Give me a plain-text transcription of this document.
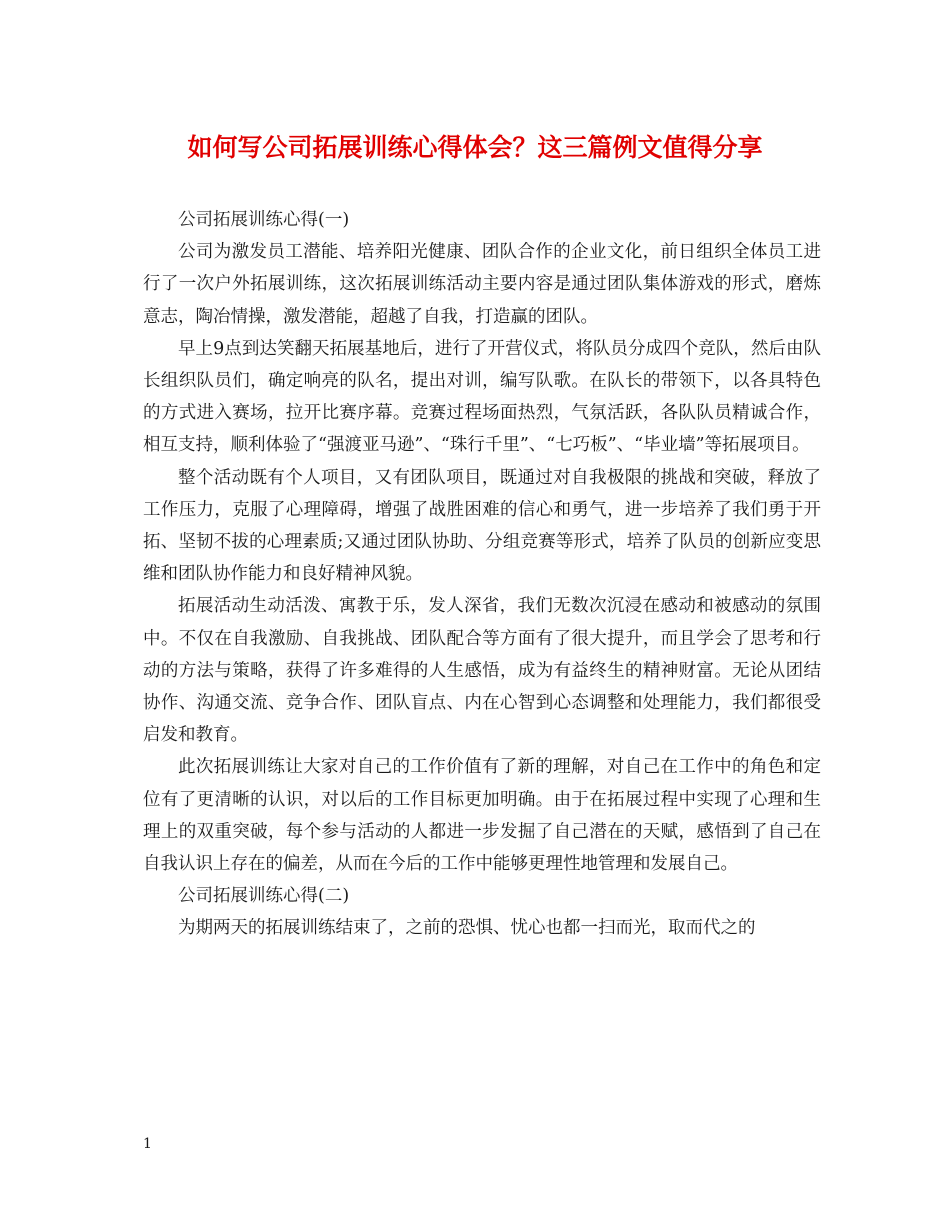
如何写公司拓展训练心得体会？这三篇例文值得分享

公司拓展训练心得(一)

公司为激发员工潜能、培养阳光健康、团队合作的企业文化，前日组织全体员工进行了一次户外拓展训练，这次拓展训练活动主要内容是通过团队集体游戏的形式，磨炼意志，陶冶情操，激发潜能，超越了自我，打造赢的团队。

早上9点到达笑翻天拓展基地后，进行了开营仪式，将队员分成四个竞队，然后由队长组织队员们，确定响亮的队名，提出对训，编写队歌。在队长的带领下，以各具特色的方式进入赛场，拉开比赛序幕。竞赛过程场面热烈，气氛活跃，各队队员精诚合作，相互支持，顺利体验了“强渡亚马逊”、“珠行千里”、“七巧板”、“毕业墙”等拓展项目。

整个活动既有个人项目，又有团队项目，既通过对自我极限的挑战和突破，释放了工作压力，克服了心理障碍，增强了战胜困难的信心和勇气，进一步培养了我们勇于开拓、坚韧不拔的心理素质;又通过团队协助、分组竞赛等形式，培养了队员的创新应变思维和团队协作能力和良好精神风貌。

拓展活动生动活泼、寓教于乐，发人深省，我们无数次沉浸在感动和被感动的氛围中。不仅在自我激励、自我挑战、团队配合等方面有了很大提升，而且学会了思考和行动的方法与策略，获得了许多难得的人生感悟，成为有益终生的精神财富。无论从团结协作、沟通交流、竞争合作、团队盲点、内在心智到心态调整和处理能力，我们都很受启发和教育。

此次拓展训练让大家对自己的工作价值有了新的理解，对自己在工作中的角色和定位有了更清晰的认识，对以后的工作目标更加明确。由于在拓展过程中实现了心理和生理上的双重突破，每个参与活动的人都进一步发掘了自己潜在的天赋，感悟到了自己在自我认识上存在的偏差，从而在今后的工作中能够更理性地管理和发展自己。

公司拓展训练心得(二)

为期两天的拓展训练结束了，之前的恐惧、忧心也都一扫而光，取而代之的

1
